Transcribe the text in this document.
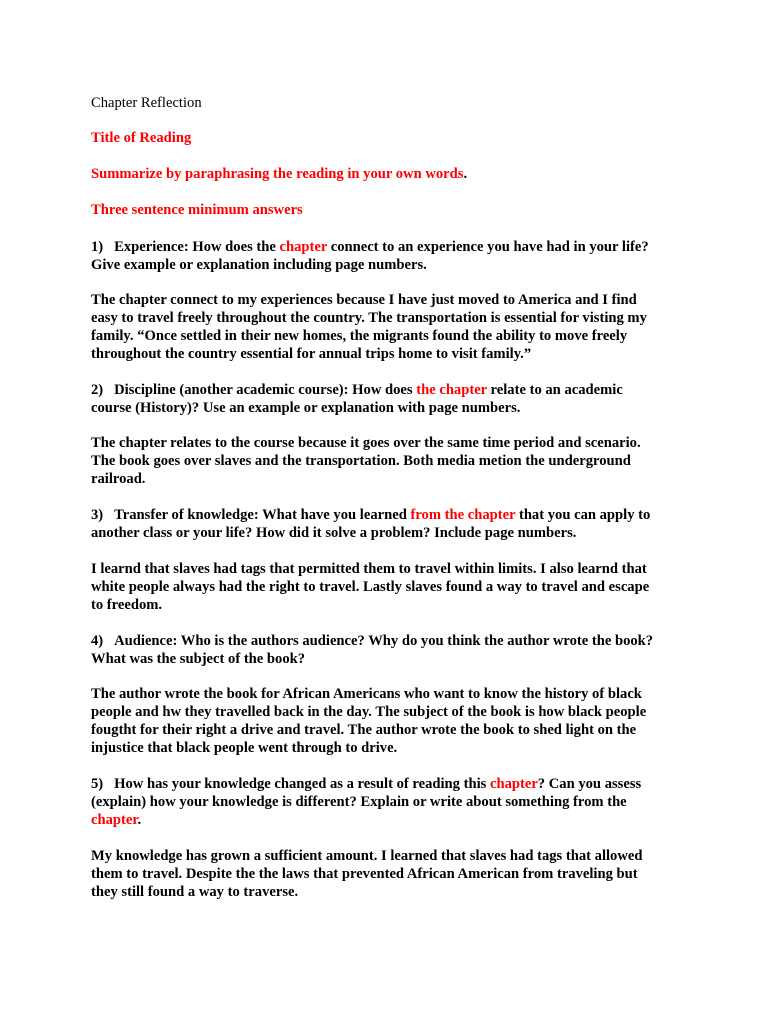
Chapter Reflection
Title of Reading
Summarize by paraphrasing the reading in your own words.
Three sentence minimum answers
1) Experience: How does the chapter connect to an experience you have had in your life?
Give example or explanation including page numbers.
The chapter connect to my experiences because I have just moved to America and I find
easy to travel freely throughout the country. The transportation is essential for visting my
family. “Once settled in their new homes, the migrants found the ability to move freely
throughout the country essential for annual trips home to visit family.”
2) Discipline (another academic course): How does the chapter relate to an academic
course (History)? Use an example or explanation with page numbers.
The chapter relates to the course because it goes over the same time period and scenario.
The book goes over slaves and the transportation. Both media metion the underground
railroad.
3) Transfer of knowledge: What have you learned from the chapter that you can apply to
another class or your life? How did it solve a problem? Include page numbers.
I learnd that slaves had tags that permitted them to travel within limits. I also learnd that
white people always had the right to travel. Lastly slaves found a way to travel and escape
to freedom.
4) Audience: Who is the authors audience? Why do you think the author wrote the book?
What was the subject of the book?
The author wrote the book for African Americans who want to know the history of black
people and hw they travelled back in the day. The subject of the book is how black people
fougtht for their right a drive and travel. The author wrote the book to shed light on the
injustice that black people went through to drive.
5) How has your knowledge changed as a result of reading this chapter? Can you assess
(explain) how your knowledge is different? Explain or write about something from the
chapter.
My knowledge has grown a sufficient amount. I learned that slaves had tags that allowed
them to travel. Despite the the laws that prevented African American from traveling but
they still found a way to traverse.
